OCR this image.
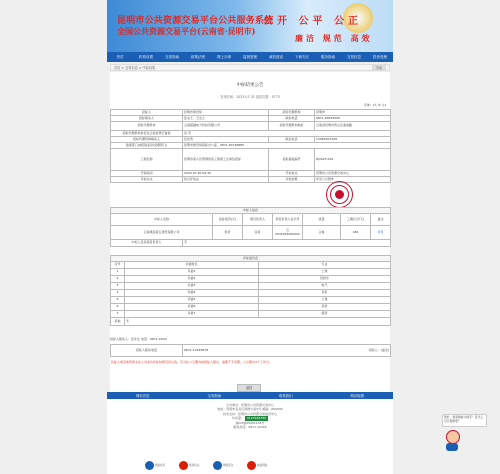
昆明市公共资源交易平台公共服务系统
全国公共资源交易平台(云南省·昆明市)
公开 公平 公正
廉洁 规范 高效
首页	机构设置	交易指南	政策法规	网上办事	监督管理	诚信建设	下载专区	服务指南	交易信息	投诉受理
首页 > 交易信息 > 中标结果	关闭
中标结果公告
发布时间：2023-07-31 浏览次数：5773
字体：[大 中 小]
招标人	昆明市建设局	招标代理机构	昆明市
招标联系人	张女士、王女士	联系电话	0871-63633000
招标代理机构	云南超越电力科技有限公司	招标代理机构地址	云南省昆明市西山区滇池路
招标代理机构是否在云南省登记备案	是 否		
招标代理机构联系人	张彭雪	联系电话	13987607108
监督部门(或招标投诉受理部门)	昆明市建设局招标办公室，0871-63730885		
工程名称	昆明市某小区管网改造工程施工总承包招标	招标备案编号	ZJ2023-001
开标时间	2023-07-20 09:30	开标地点	昆明市公共资源交易中心
评标办法	综合评估法	评标结果	详见公示附件
中标人信息							
中标人名称		投标报价(元)	项目负责人	项目负责人证书号	质量	工期(日历天)	备注
云南建投第五建设有限公司		报价	张某	云2532023000001	合格	180	详见
中标人及其项目负责人	无						
评标委员会		
序号	评委姓名	专业
1	评委1	土建
2	评委2	给排水
3	评委3	电气
4	评委4	造价
5	评委5	土建
6	评委6	造价
7	评委7	经济
其他	无	
招标人联系人：张先生 电话：0871-XXXX
招标人联系电话	0871-12345678	招标人：(盖章)
投标人或其他利害关系人对本次评标结果有异议的，应当在公示期内向招标人提出，逾期不予受理。公示期为3个工作日。
返回
网站首页	交易指南	联系我们	网站地图
主办单位：昆明市公共资源交易中心
地址：昆明市呈贡区锦绣大街2号 邮编：650500
技术支持：昆明市公共资源交易信息中心
访问量： 0123456789
滇ICP备05001145号
服务热线：0871-12345
网站标识	党政机关	网络安全	诚信网站
您好，我是智能小助手！有什么可以帮助您？
